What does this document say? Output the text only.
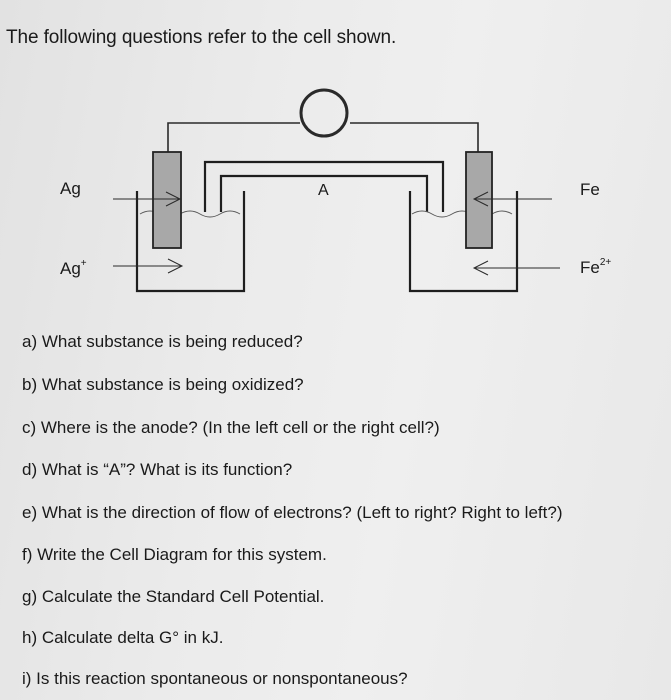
The following questions refer to the cell shown.
Ag
Ag+
A	Fe
$Fe^{2+}$
a) What substance is being reduced?
b) What substance is being oxidized?
c) Where is the anode? (In the left cell or the right cell?)
d) What is “A”? What is its function?
e) What is the direction of flow of electrons? (Left to right? Right to left?)
f) Write the Cell Diagram for this system.
g) Calculate the Standard Cell Potential.
h) Calculate delta G° in kJ.
i) Is this reaction spontaneous or nonspontaneous?
